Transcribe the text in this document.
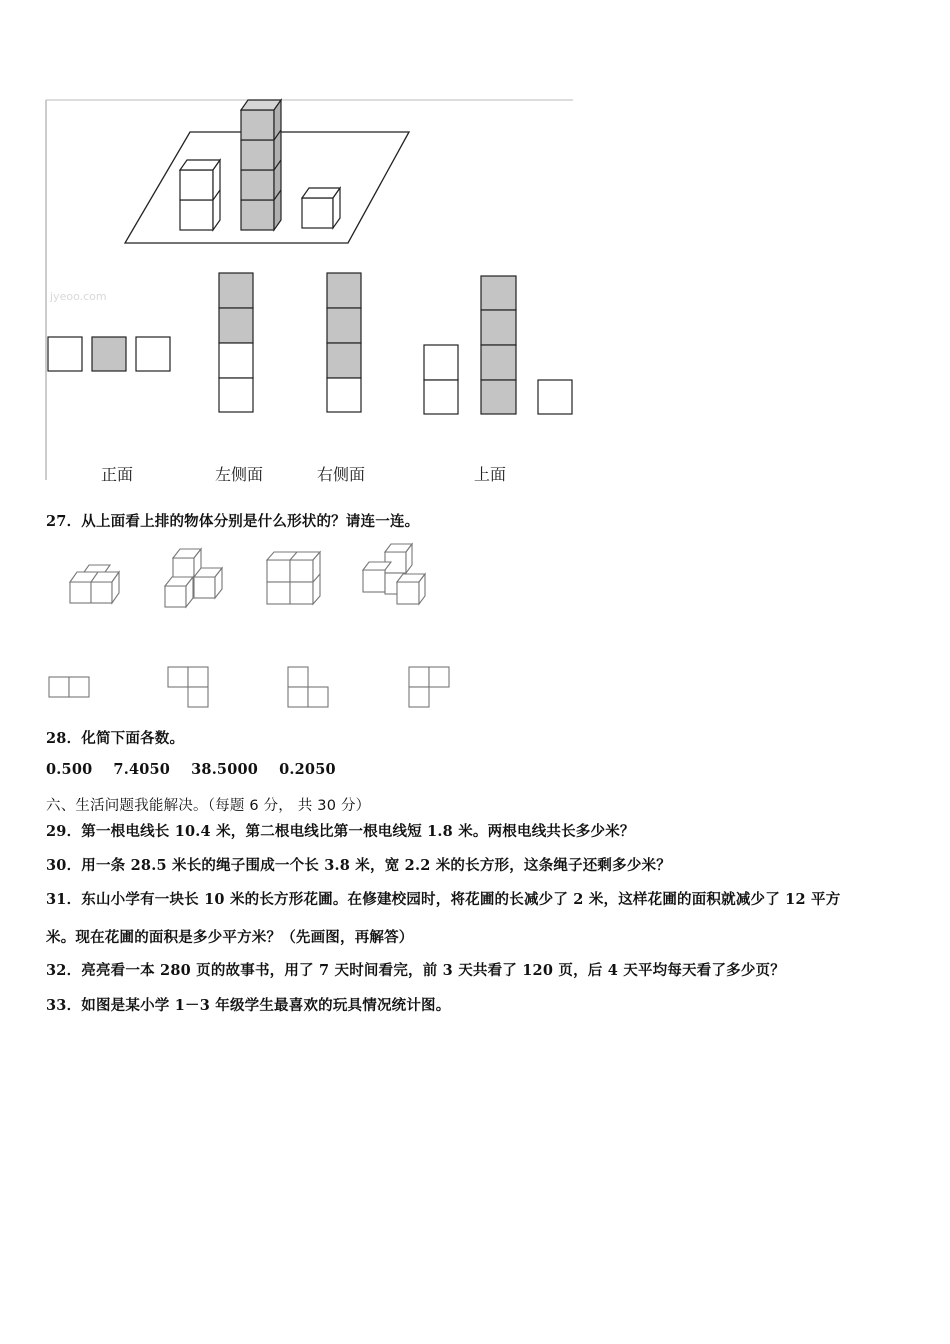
jyeoo.com
正面	左侧面	右侧面	上面
27．从上面看上排的物体分别是什么形状的？请连一连。
28．化简下面各数。
0.500 7.4050 38.5000 0.2050
六、生活问题我能解决。（每题 6 分， 共 30 分）
29．第一根电线长 10.4 米，第二根电线比第一根电线短 1.8 米。两根电线共长多少米？
30．用一条 28.5 米长的绳子围成一个长 3.8 米，宽 2.2 米的长方形，这条绳子还剩多少米？
31．东山小学有一块长 10 米的长方形花圃。在修建校园时，将花圃的长减少了 2 米，这样花圃的面积就减少了 12 平方
米。现在花圃的面积是多少平方米？（先画图，再解答）
32．亮亮看一本 280 页的故事书，用了 7 天时间看完，前 3 天共看了 120 页，后 4 天平均每天看了多少页？
33．如图是某小学 1－3 年级学生最喜欢的玩具情况统计图。
